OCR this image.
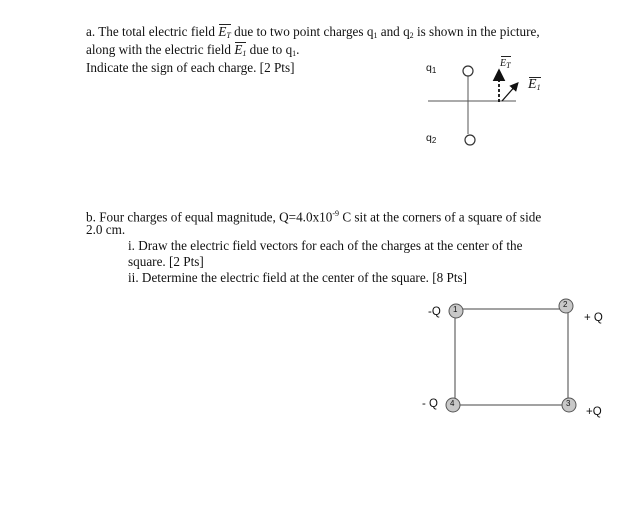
a. The total electric field $E_T$ due to two point charges $q_1$ and $q_2$ is shown in the picture,
along with the electric field $E_1$ due to $q_1$.
Indicate the sign of each charge. [2 Pts]	$q_1$
$q_2$
$E_T$
$E_1$
b. Four charges of equal magnitude, $Q=4.0x10^{-9}$ C sit at the corners of a square of side
2.0 cm.
i. Draw the electric field vectors for each of the charges at the center of the
square. [2 Pts]
ii. Determine the electric field at the center of the square. [8 Pts]
1
2
3
4
-Q	+ Q
+Q
- Q
